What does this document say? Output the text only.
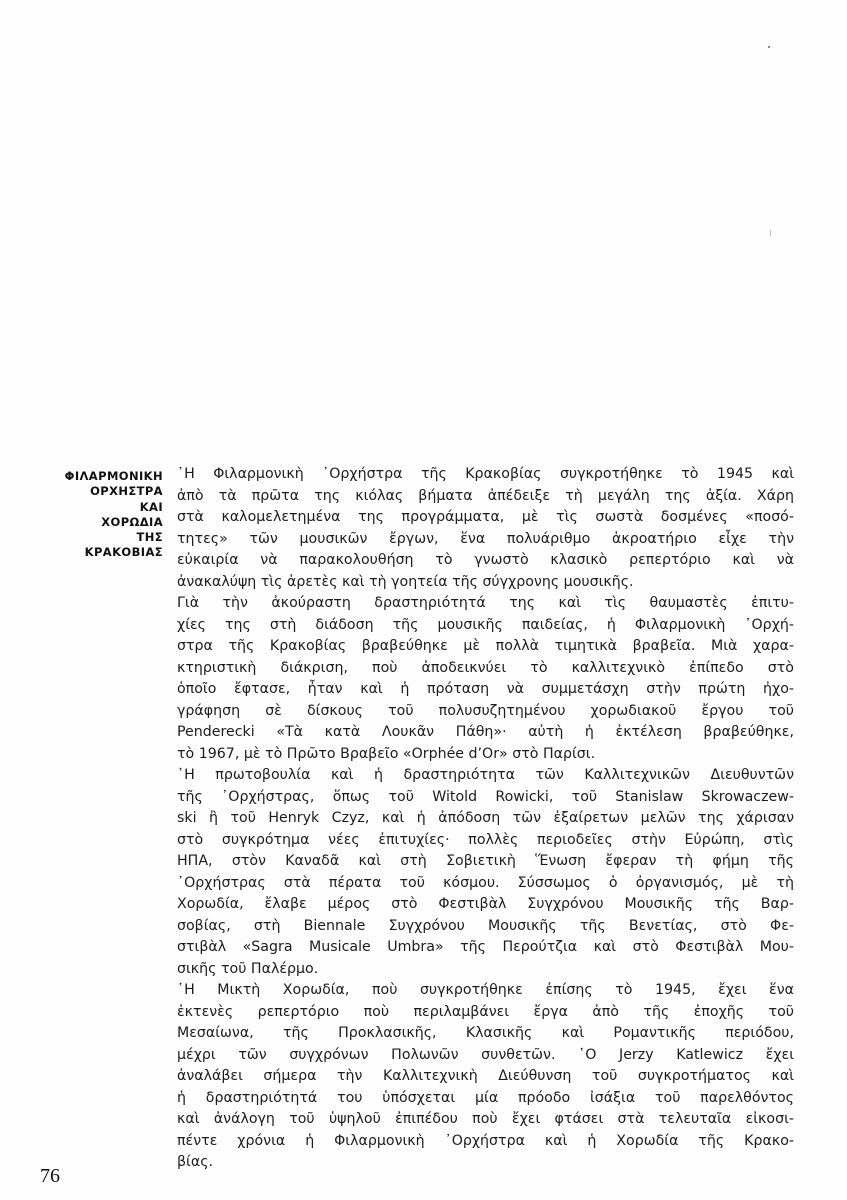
ΦΙΛΑΡΜΟΝΙΚΗ
ΟΡΧΗΣΤΡΑ
ΚΑΙ
ΧΟΡΩΔΙΑ
ΤΗΣ
ΚΡΑΚΟΒΙΑΣ
῾Η Φιλαρμονικὴ ᾿Ορχήστρα τῆς Κρακοβίας συγκροτήθηκε τὸ 1945 καὶ
ἀπὸ τὰ πρῶτα της κιόλας βήματα ἀπέδειξε τὴ μεγάλη της ἀξία. Χάρη
στὰ καλομελετημένα της προγράμματα, μὲ τὶς σωστὰ δοσμένες «ποσό-
τητες» τῶν μουσικῶν ἔργων, ἕνα πολυάριθμο ἀκροατήριο εἶχε τὴν
εὐκαιρία νὰ παρακολουθήση τὸ γνωστὸ κλασικὸ ρεπερτόριο καὶ νὰ
ἀνακαλύψη τὶς ἀρετὲς καὶ τὴ γοητεία τῆς σύγχρονης μουσικῆς.
Γιὰ τὴν ἀκούραστη δραστηριότητά της καὶ τὶς θαυμαστὲς ἐπιτυ-
χίες της στὴ διάδοση τῆς μουσικῆς παιδείας, ἡ Φιλαρμονικὴ ᾿Ορχή-
στρα τῆς Κρακοβίας βραβεύθηκε μὲ πολλὰ τιμητικὰ βραβεῖα. Μιὰ χαρα-
κτηριστικὴ διάκριση, ποὺ ἀποδεικνύει τὸ καλλιτεχνικὸ ἐπίπεδο στὸ
ὁποῖο ἔφτασε, ἦταν καὶ ἡ πρόταση νὰ συμμετάσχη στὴν πρώτη ἠχο-
γράφηση σὲ δίσκους τοῦ πολυσυζητημένου χορωδιακοῦ ἔργου τοῦ
Penderecki «Τὰ κατὰ Λουκᾶν Πάθη»· αὐτὴ ἡ ἐκτέλεση βραβεύθηκε,
τὸ 1967, μὲ τὸ Πρῶτο Βραβεῖο «Orphée d’Or» στὸ Παρίσι.
῾Η πρωτοβουλία καὶ ἡ δραστηριότητα τῶν Καλλιτεχνικῶν Διευθυντῶν
τῆς ᾿Ορχήστρας, ὅπως τοῦ Witold Rowicki, τοῦ Stanislaw Skrowaczew-
ski ἢ τοῦ Henryk Czyz, καὶ ἡ ἀπόδοση τῶν ἐξαίρετων μελῶν της χάρισαν
στὸ συγκρότημα νέες ἐπιτυχίες· πολλὲς περιοδεῖες στὴν Εὐρώπη, στὶς
ΗΠΑ, στὸν Καναδᾶ καὶ στὴ Σοβιετικὴ Ἕνωση ἔφεραν τὴ φήμη τῆς
᾿Ορχήστρας στὰ πέρατα τοῦ κόσμου. Σύσσωμος ὁ ὀργανισμός, μὲ τὴ
Χορωδία, ἔλαβε μέρος στὸ Φεστιβὰλ Συγχρόνου Μουσικῆς τῆς Βαρ-
σοβίας, στὴ Biennale Συγχρόνου Μουσικῆς τῆς Βενετίας, στὸ Φε-
στιβὰλ «Sagra Musicale Umbra» τῆς Περούτζια καὶ στὸ Φεστιβὰλ Μου-
σικῆς τοῦ Παλέρμο.
῾Η Μικτὴ Χορωδία, ποὺ συγκροτήθηκε ἐπίσης τὸ 1945, ἔχει ἕνα
ἐκτενὲς ρεπερτόριο ποὺ περιλαμβάνει ἔργα ἀπὸ τῆς ἐποχῆς τοῦ
Μεσαίωνα, τῆς Προκλασικῆς, Κλασικῆς καὶ Ρομαντικῆς περιόδου,
μέχρι τῶν συγχρόνων Πολωνῶν συνθετῶν. ῾Ο Jerzy Katlewicz ἔχει
ἀναλάβει σήμερα τὴν Καλλιτεχνικὴ Διεύθυνση τοῦ συγκροτήματος καὶ
ἡ δραστηριότητά του ὑπόσχεται μία πρόοδο ἰσάξια τοῦ παρελθόντος
καὶ ἀνάλογη τοῦ ὑψηλοῦ ἐπιπέδου ποὺ ἔχει φτάσει στὰ τελευταῖα εἰκοσι-
πέντε χρόνια ἡ Φιλαρμονικὴ ᾿Ορχήστρα καὶ ἡ Χορωδία τῆς Κρακο-
βίας.
76
